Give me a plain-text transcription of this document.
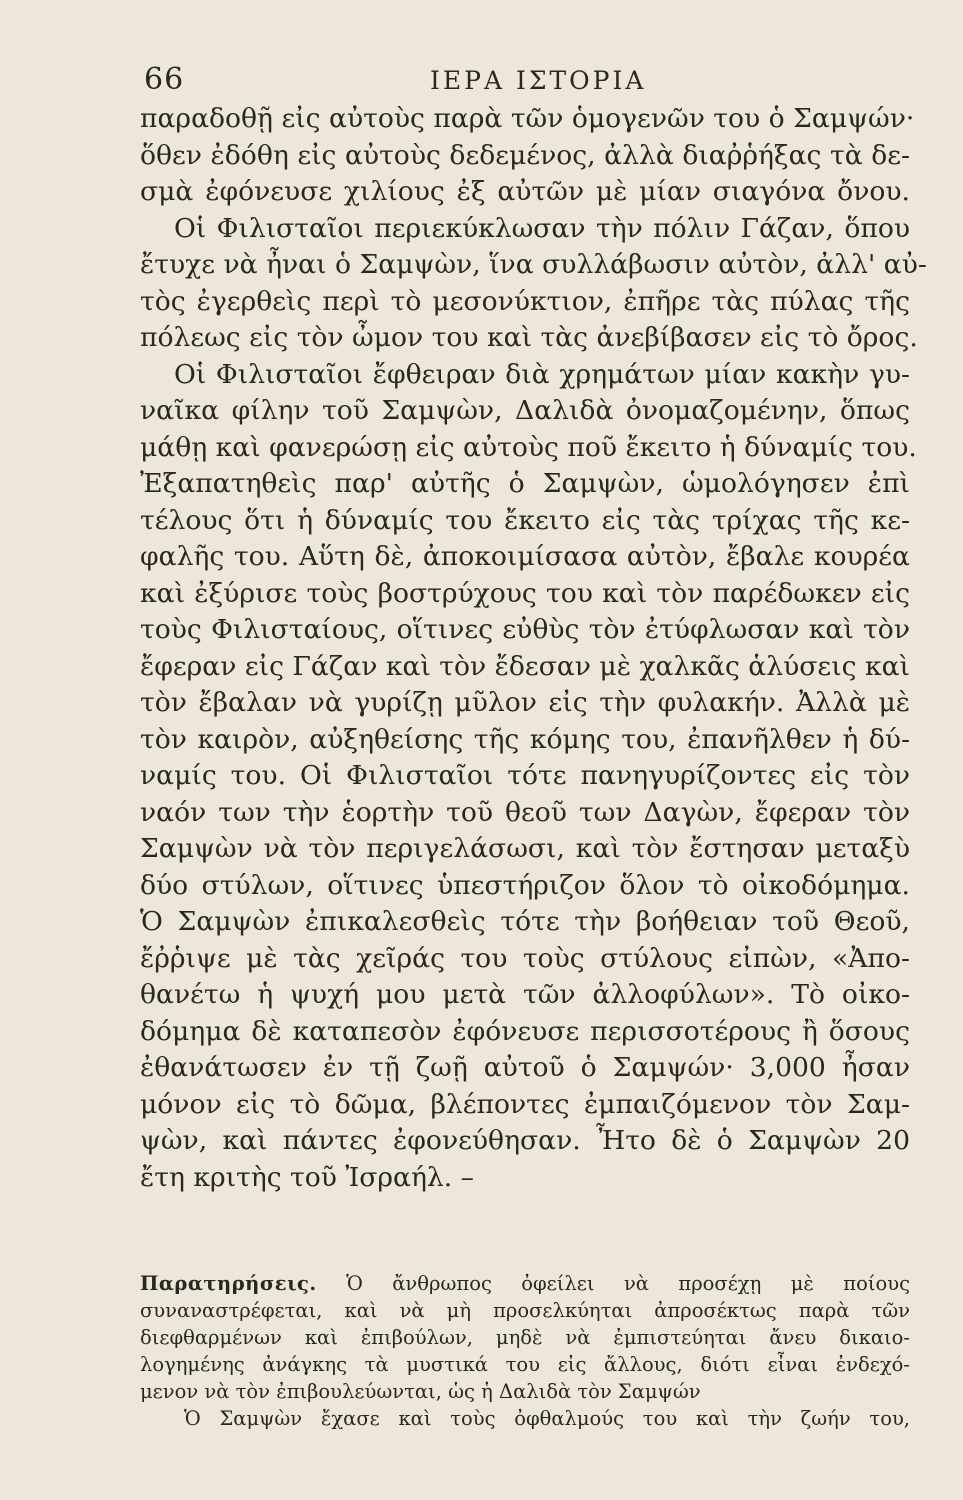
66	ΙΕΡΑ ΙΣΤΟΡΙΑ
παραδοθῇ εἰς αὐτοὺς παρὰ τῶν ὁμογενῶν του ὁ Σαμψών·
ὅθεν ἐδόθη εἰς αὐτοὺς δεδεμένος, ἀλλὰ διαῤῥήξας τὰ δε-
σμὰ ἐφόνευσε χιλίους ἐξ αὐτῶν μὲ μίαν σιαγόνα ὄνου.
Οἱ Φιλισταῖοι περιεκύκλωσαν τὴν πόλιν Γάζαν, ὅπου
ἔτυχε νὰ ἦναι ὁ Σαμψὼν, ἵνα συλλάβωσιν αὐτὸν, ἀλλ' αὐ-
τὸς ἐγερθεὶς περὶ τὸ μεσονύκτιον, ἐπῆρε τὰς πύλας τῆς
πόλεως εἰς τὸν ὦμον του καὶ τὰς ἀνεβίβασεν εἰς τὸ ὄρος.
Οἱ Φιλισταῖοι ἔφθειραν διὰ χρημάτων μίαν κακὴν γυ-
ναῖκα φίλην τοῦ Σαμψὼν, Δαλιδὰ ὀνομαζομένην, ὅπως
μάθῃ καὶ φανερώσῃ εἰς αὐτοὺς ποῦ ἔκειτο ἡ δύναμίς του.
Ἐξαπατηθεὶς παρ' αὐτῆς ὁ Σαμψὼν, ὡμολόγησεν ἐπὶ
τέλους ὅτι ἡ δύναμίς του ἔκειτο εἰς τὰς τρίχας τῆς κε-
φαλῆς του. Αὕτη δὲ, ἀποκοιμίσασα αὐτὸν, ἔβαλε κουρέα
καὶ ἐξύρισε τοὺς βοστρύχους του καὶ τὸν παρέδωκεν εἰς
τοὺς Φιλισταίους, οἵτινες εὐθὺς τὸν ἐτύφλωσαν καὶ τὸν
ἔφεραν εἰς Γάζαν καὶ τὸν ἔδεσαν μὲ χαλκᾶς ἁλύσεις καὶ
τὸν ἔβαλαν νὰ γυρίζῃ μῦλον εἰς τὴν φυλακήν. Ἀλλὰ μὲ
τὸν καιρὸν, αὐξηθείσης τῆς κόμης του, ἐπανῆλθεν ἡ δύ-
ναμίς του. Οἱ Φιλισταῖοι τότε πανηγυρίζοντες εἰς τὸν
ναόν των τὴν ἑορτὴν τοῦ θεοῦ των Δαγὼν, ἔφεραν τὸν
Σαμψὼν νὰ τὸν περιγελάσωσι, καὶ τὸν ἔστησαν μεταξὺ
δύο στύλων, οἵτινες ὑπεστήριζον ὅλον τὸ οἰκοδόμημα.
Ὁ Σαμψὼν ἐπικαλεσθεὶς τότε τὴν βοήθειαν τοῦ Θεοῦ,
ἔῤῥιψε μὲ τὰς χεῖράς του τοὺς στύλους εἰπὼν, «Ἀπο-
θανέτω ἡ ψυχή μου μετὰ τῶν ἀλλοφύλων». Τὸ οἰκο-
δόμημα δὲ καταπεσὸν ἐφόνευσε περισσοτέρους ἢ ὅσους
ἐθανάτωσεν ἐν τῇ ζωῇ αὐτοῦ ὁ Σαμψών· 3,000 ἦσαν
μόνον εἰς τὸ δῶμα, βλέποντες ἐμπαιζόμενον τὸν Σαμ-
ψὼν, καὶ πάντες ἐφονεύθησαν. Ἦτο δὲ ὁ Σαμψὼν 20
ἔτη κριτὴς τοῦ Ἰσραήλ. –
Παρατηρήσεις. Ὁ ἄνθρωπος ὀφείλει νὰ προσέχῃ μὲ ποίους
συναναστρέφεται, καὶ νὰ μὴ προσελκύηται ἀπροσέκτως παρὰ τῶν
διεφθαρμένων καὶ ἐπιβούλων, μηδὲ νὰ ἐμπιστεύηται ἄνευ δικαιο-
λογημένης ἀνάγκης τὰ μυστικά του εἰς ἄλλους, διότι εἶναι ἐνδεχό-
μενον νὰ τὸν ἐπιβουλεύωνται, ὡς ἡ Δαλιδὰ τὸν Σαμψών
Ὁ Σαμψὼν ἔχασε καὶ τοὺς ὀφθαλμούς του καὶ τὴν ζωήν του,
